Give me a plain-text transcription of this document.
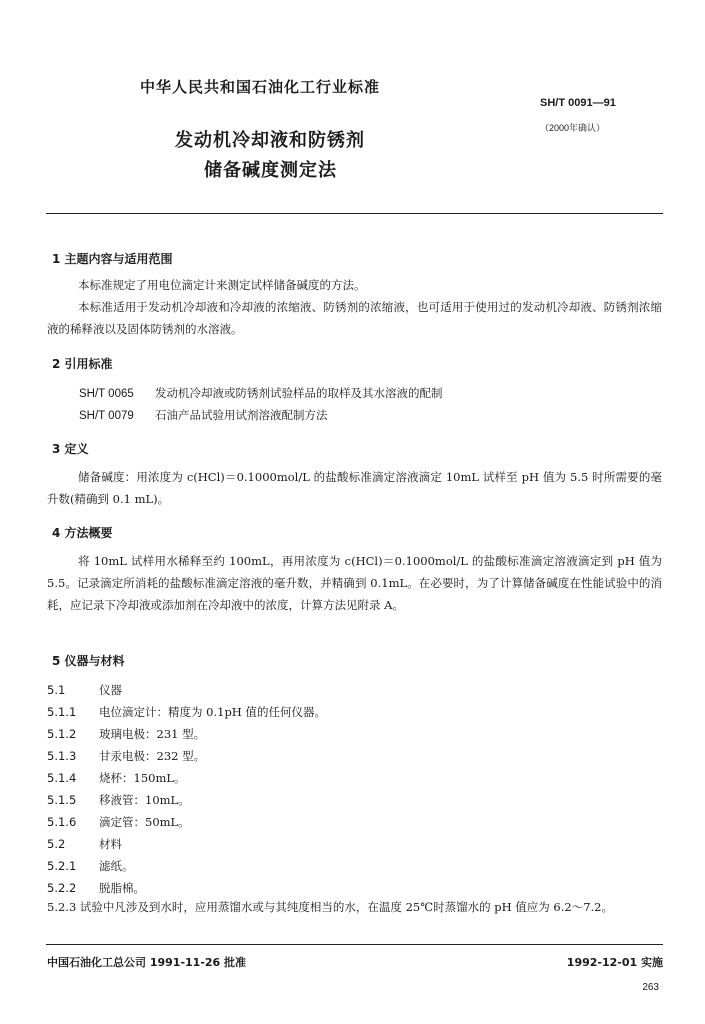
中华人民共和国石油化工行业标准
SH/T 0091—91
（2000年确认）
发动机冷却液和防锈剂
储备碱度测定法
1 主题内容与适用范围
本标准规定了用电位滴定计来测定试样储备碱度的方法。
本标准适用于发动机冷却液和冷却液的浓缩液、防锈剂的浓缩液，也可适用于使用过的发动机冷却液、防锈剂浓缩液的稀释液以及固体防锈剂的水溶液。
2 引用标准
SH/T 0065 发动机冷却液或防锈剂试验样品的取样及其水溶液的配制
SH/T 0079 石油产品试验用试剂溶液配制方法
3 定义
储备碱度：用浓度为 c(HCl)＝0.1000mol/L 的盐酸标准滴定溶液滴定 10mL 试样至 pH 值为 5.5 时所需要的毫升数(精确到 0.1 mL)。
4 方法概要
将 10mL 试样用水稀释至约 100mL，再用浓度为 c(HCl)＝0.1000mol/L 的盐酸标准滴定溶液滴定到 pH 值为 5.5。记录滴定所消耗的盐酸标准滴定溶液的毫升数，并精确到 0.1mL。在必要时，为了计算储备碱度在性能试验中的消耗，应记录下冷却液或添加剂在冷却液中的浓度，计算方法见附录 A。
5 仪器与材料
5.1	仪器
5.1.1 电位滴定计：精度为 0.1pH 值的任何仪器。
5.1.2 玻璃电极：231 型。
5.1.3 甘汞电极：232 型。
5.1.4 烧杯：150mL。
5.1.5 移液管：10mL。
5.1.6 滴定管：50mL。
5.2	材料
5.2.1 滤纸。
5.2.2 脱脂棉。
5.2.3 试验中凡涉及到水时，应用蒸馏水或与其纯度相当的水，在温度 25℃时蒸馏水的 pH 值应为 6.2～7.2。
中国石油化工总公司 1991-11-26 批准	1992-12-01 实施
263
